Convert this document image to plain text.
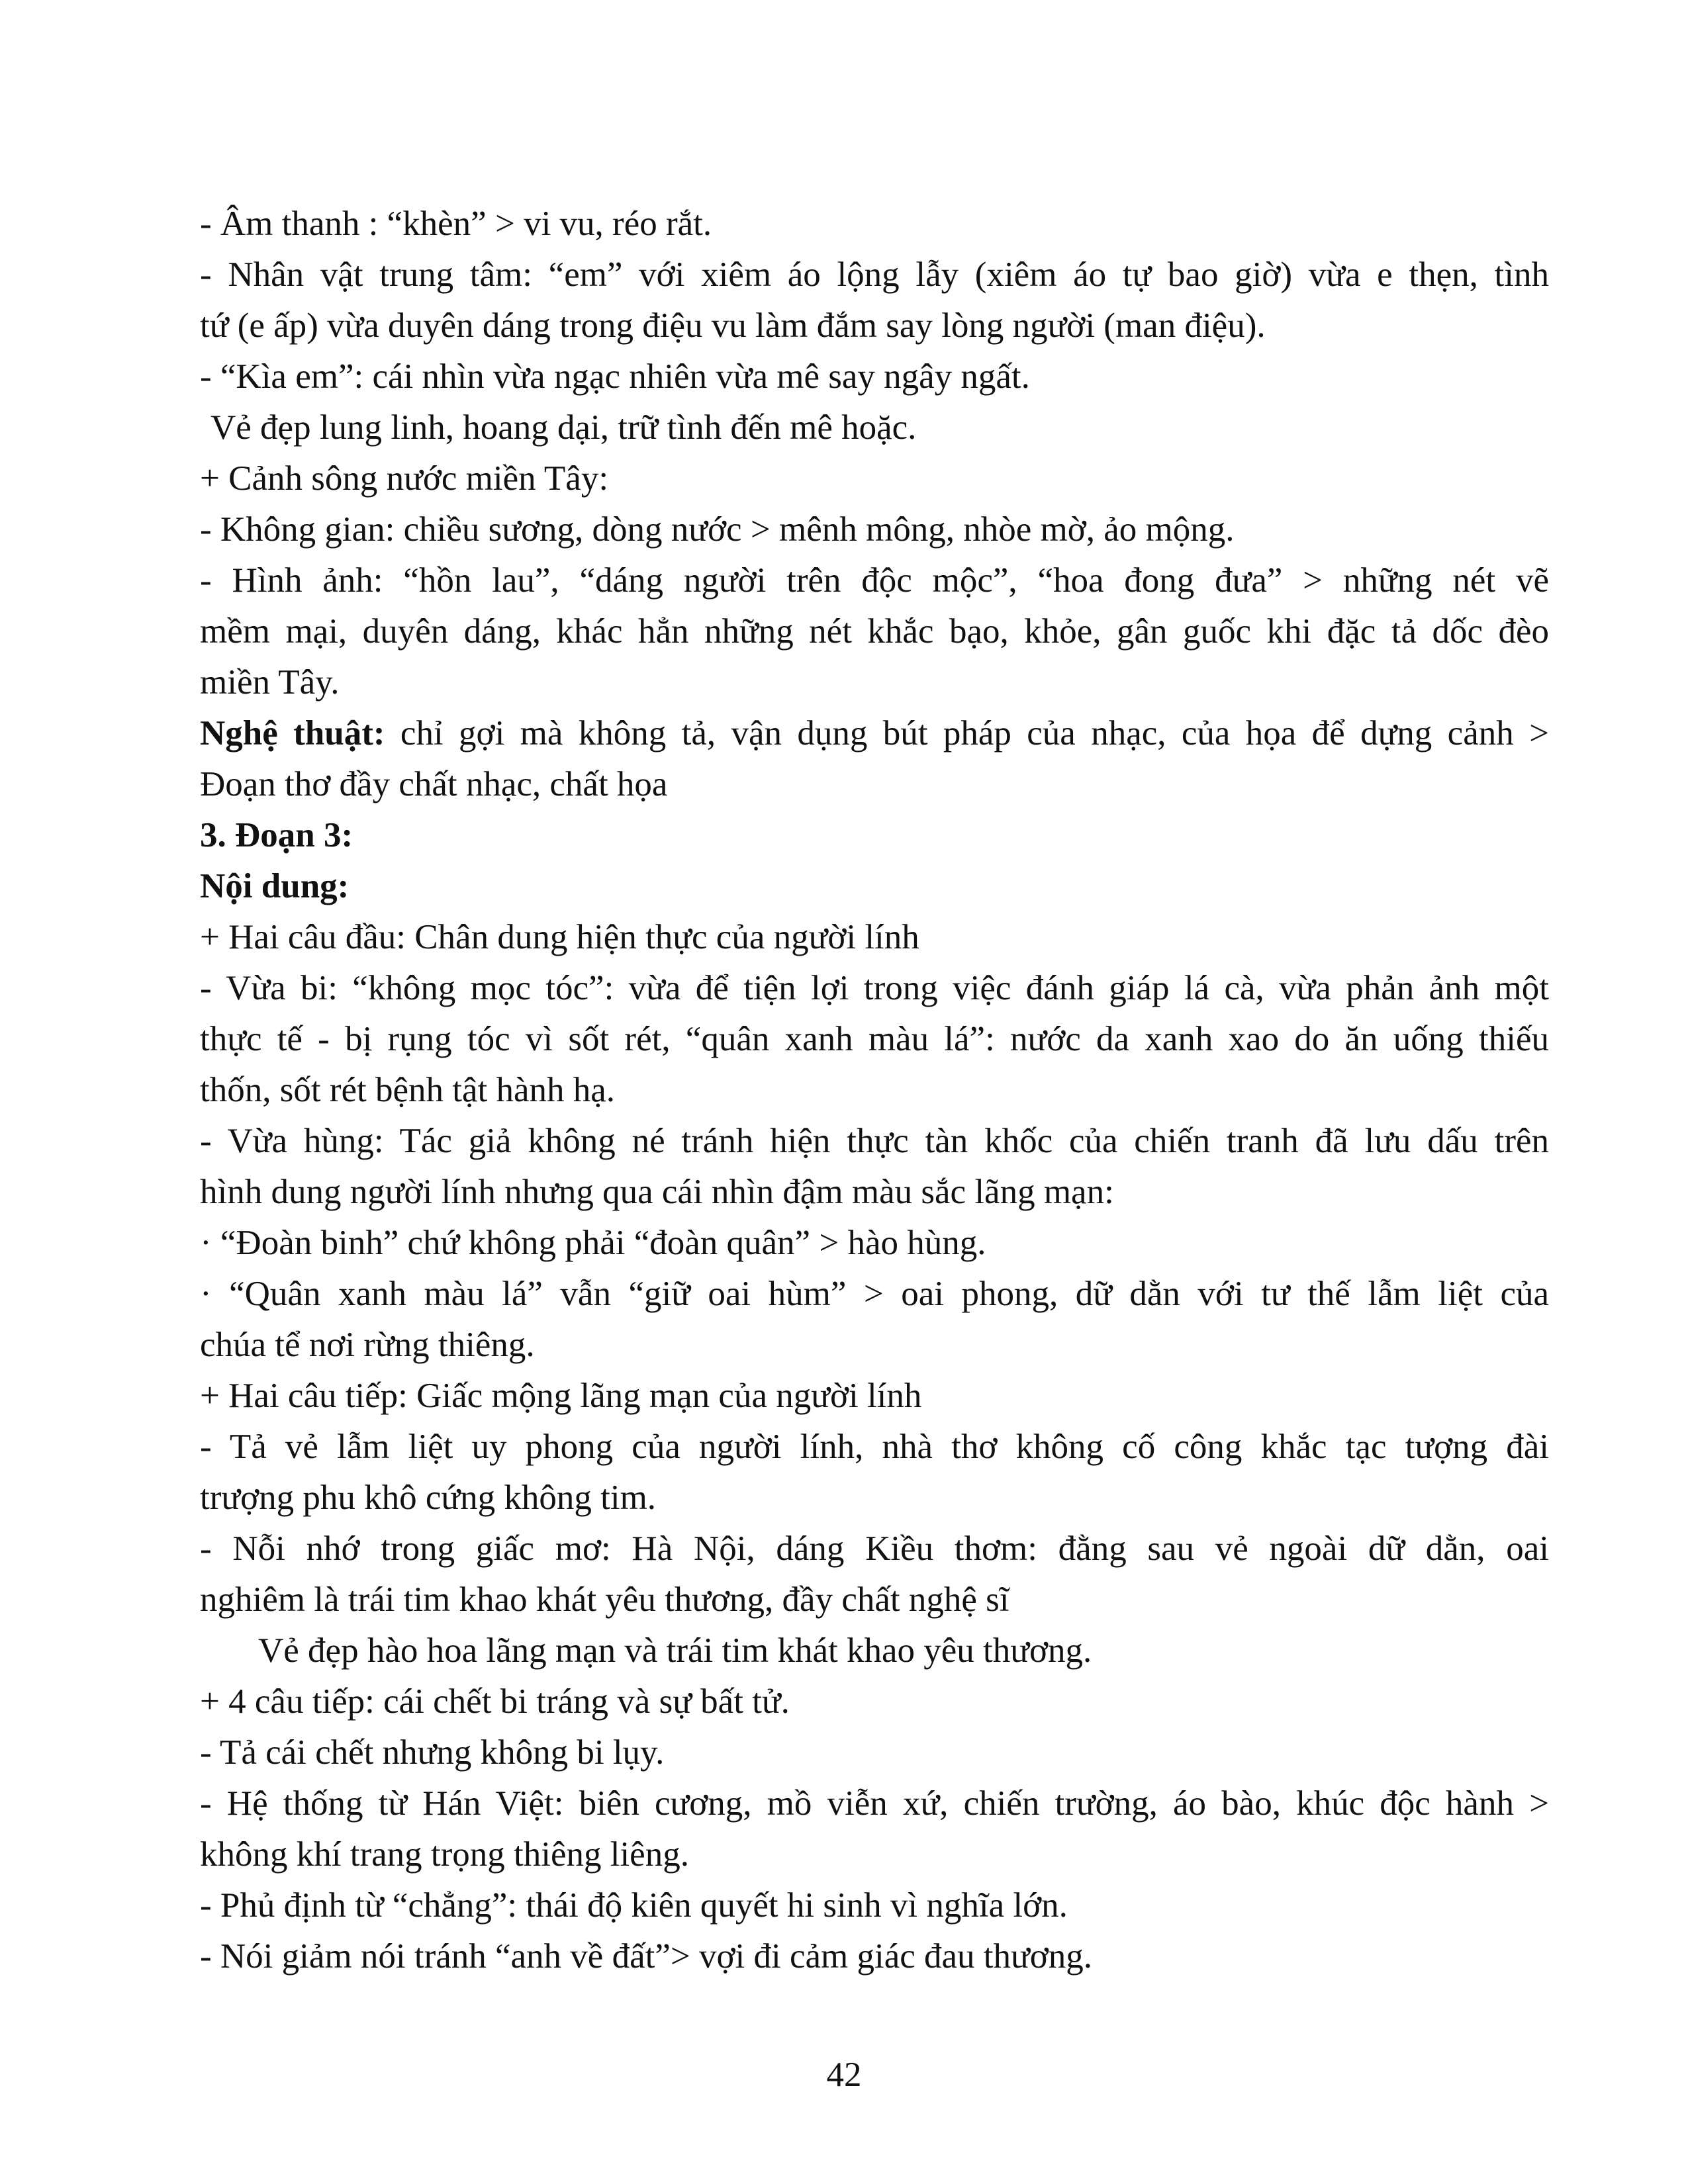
- Âm thanh : “khèn” > vi vu, réo rắt.

- Nhân vật trung tâm: “em” với xiêm áo lộng lẫy (xiêm áo tự bao giờ) vừa e thẹn, tình

tứ (e ấp) vừa duyên dáng trong điệu vu làm đắm say lòng người (man điệu).

- “Kìa em”: cái nhìn vừa ngạc nhiên vừa mê say ngây ngất.

Vẻ đẹp lung linh, hoang dại, trữ tình đến mê hoặc.

+ Cảnh sông nước miền Tây:

- Không gian: chiều sương, dòng nước > mênh mông, nhòe mờ, ảo mộng.

- Hình ảnh: “hồn lau”, “dáng người trên độc mộc”, “hoa đong đưa” > những nét vẽ

mềm mại, duyên dáng, khác hẳn những nét khắc bạo, khỏe, gân guốc khi đặc tả dốc đèo

miền Tây.

Nghệ thuật: chỉ gợi mà không tả, vận dụng bút pháp của nhạc, của họa để dựng cảnh >

Đoạn thơ đầy chất nhạc, chất họa

3. Đoạn 3:

Nội dung:

+ Hai câu đầu: Chân dung hiện thực của người lính

- Vừa bi: “không mọc tóc”: vừa để tiện lợi trong việc đánh giáp lá cà, vừa phản ảnh một

thực tế - bị rụng tóc vì sốt rét, “quân xanh màu lá”: nước da xanh xao do ăn uống thiếu

thốn, sốt rét bệnh tật hành hạ.

- Vừa hùng: Tác giả không né tránh hiện thực tàn khốc của chiến tranh đã lưu dấu trên

hình dung người lính nhưng qua cái nhìn đậm màu sắc lãng mạn:

· “Đoàn binh” chứ không phải “đoàn quân” > hào hùng.

· “Quân xanh màu lá” vẫn “giữ oai hùm” > oai phong, dữ dằn với tư thế lẫm liệt của

chúa tể nơi rừng thiêng.

+ Hai câu tiếp: Giấc mộng lãng mạn của người lính

- Tả vẻ lẫm liệt uy phong của người lính, nhà thơ không cố công khắc tạc tượng đài

trượng phu khô cứng không tim.

- Nỗi nhớ trong giấc mơ: Hà Nội, dáng Kiều thơm: đằng sau vẻ ngoài dữ dằn, oai

nghiêm là trái tim khao khát yêu thương, đầy chất nghệ sĩ

Vẻ đẹp hào hoa lãng mạn và trái tim khát khao yêu thương.

+ 4 câu tiếp: cái chết bi tráng và sự bất tử.

- Tả cái chết nhưng không bi lụy.

- Hệ thống từ Hán Việt: biên cương, mồ viễn xứ, chiến trường, áo bào, khúc độc hành >

không khí trang trọng thiêng liêng.

- Phủ định từ “chẳng”: thái độ kiên quyết hi sinh vì nghĩa lớn.

- Nói giảm nói tránh “anh về đất”> vợi đi cảm giác đau thương.

42
